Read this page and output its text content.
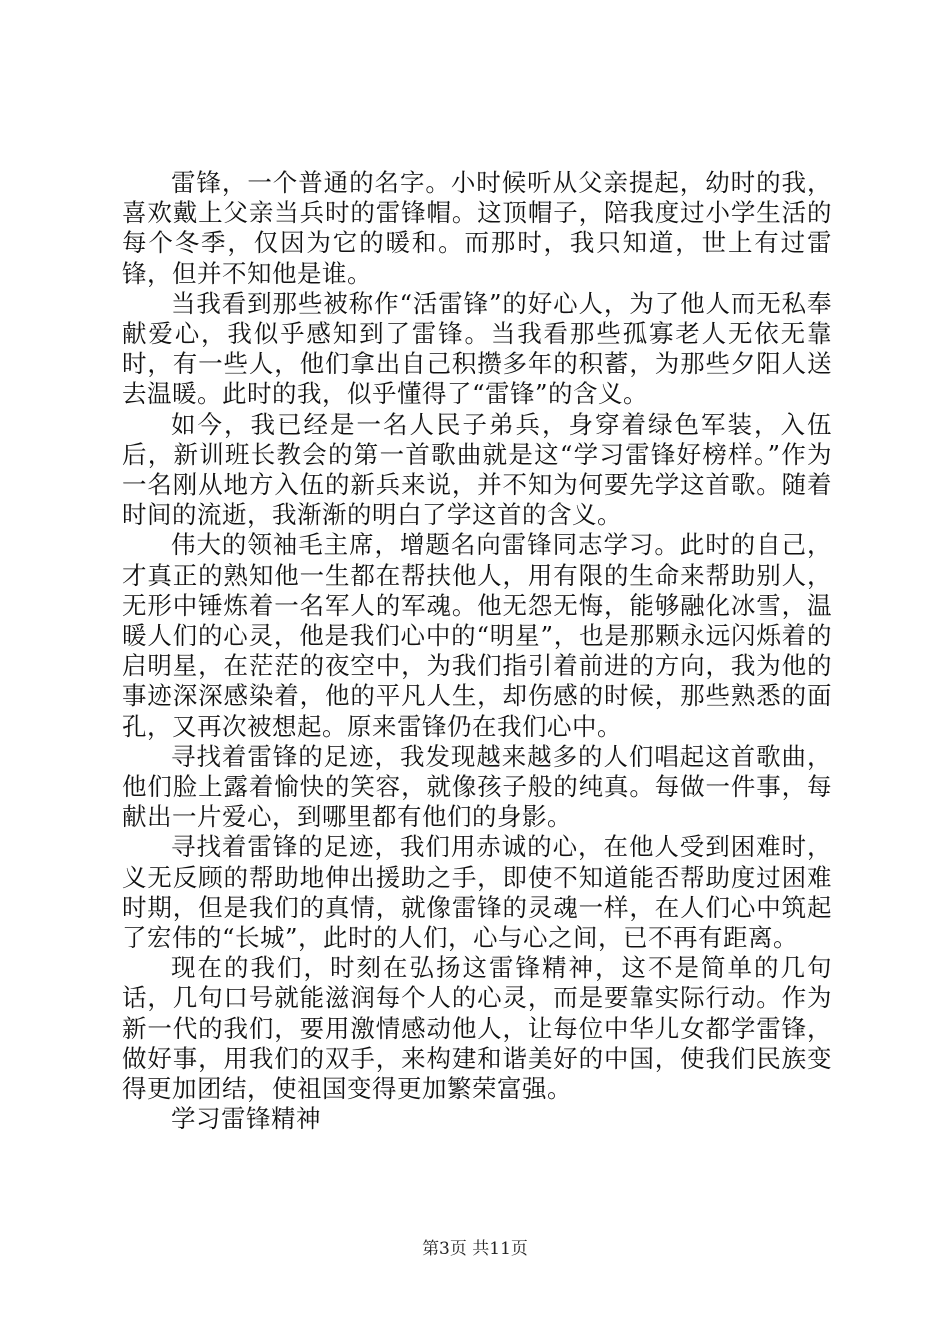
雷锋，一个普通的名字。小时候听从父亲提起，幼时的我，喜欢戴上父亲当兵时的雷锋帽。这顶帽子，陪我度过小学生活的每个冬季，仅因为它的暖和。而那时，我只知道，世上有过雷锋，但并不知他是谁。

当我看到那些被称作“活雷锋”的好心人，为了他人而无私奉献爱心，我似乎感知到了雷锋。当我看那些孤寡老人无依无靠时，有一些人，他们拿出自己积攒多年的积蓄，为那些夕阳人送去温暖。此时的我，似乎懂得了“雷锋”的含义。

如今，我已经是一名人民子弟兵，身穿着绿色军装，入伍后，新训班长教会的第一首歌曲就是这“学习雷锋好榜样。”作为一名刚从地方入伍的新兵来说，并不知为何要先学这首歌。随着时间的流逝，我渐渐的明白了学这首的含义。

伟大的领袖毛主席，增题名向雷锋同志学习。此时的自己，才真正的熟知他一生都在帮扶他人，用有限的生命来帮助别人，无形中锤炼着一名军人的军魂。他无怨无悔，能够融化冰雪，温暖人们的心灵，他是我们心中的“明星”，也是那颗永远闪烁着的启明星，在茫茫的夜空中，为我们指引着前进的方向，我为他的事迹深深感染着，他的平凡人生，却伤感的时候，那些熟悉的面孔，又再次被想起。原来雷锋仍在我们心中。

寻找着雷锋的足迹，我发现越来越多的人们唱起这首歌曲，他们脸上露着愉快的笑容，就像孩子般的纯真。每做一件事，每献出一片爱心，到哪里都有他们的身影。

寻找着雷锋的足迹，我们用赤诚的心，在他人受到困难时，义无反顾的帮助地伸出援助之手，即使不知道能否帮助度过困难时期，但是我们的真情，就像雷锋的灵魂一样，在人们心中筑起了宏伟的“长城”，此时的人们，心与心之间，已不再有距离。

现在的我们，时刻在弘扬这雷锋精神，这不是简单的几句话，几句口号就能滋润每个人的心灵，而是要靠实际行动。作为新一代的我们，要用激情感动他人，让每位中华儿女都学雷锋，做好事，用我们的双手，来构建和谐美好的中国，使我们民族变得更加团结，使祖国变得更加繁荣富强。

学习雷锋精神

第3页 共11页
